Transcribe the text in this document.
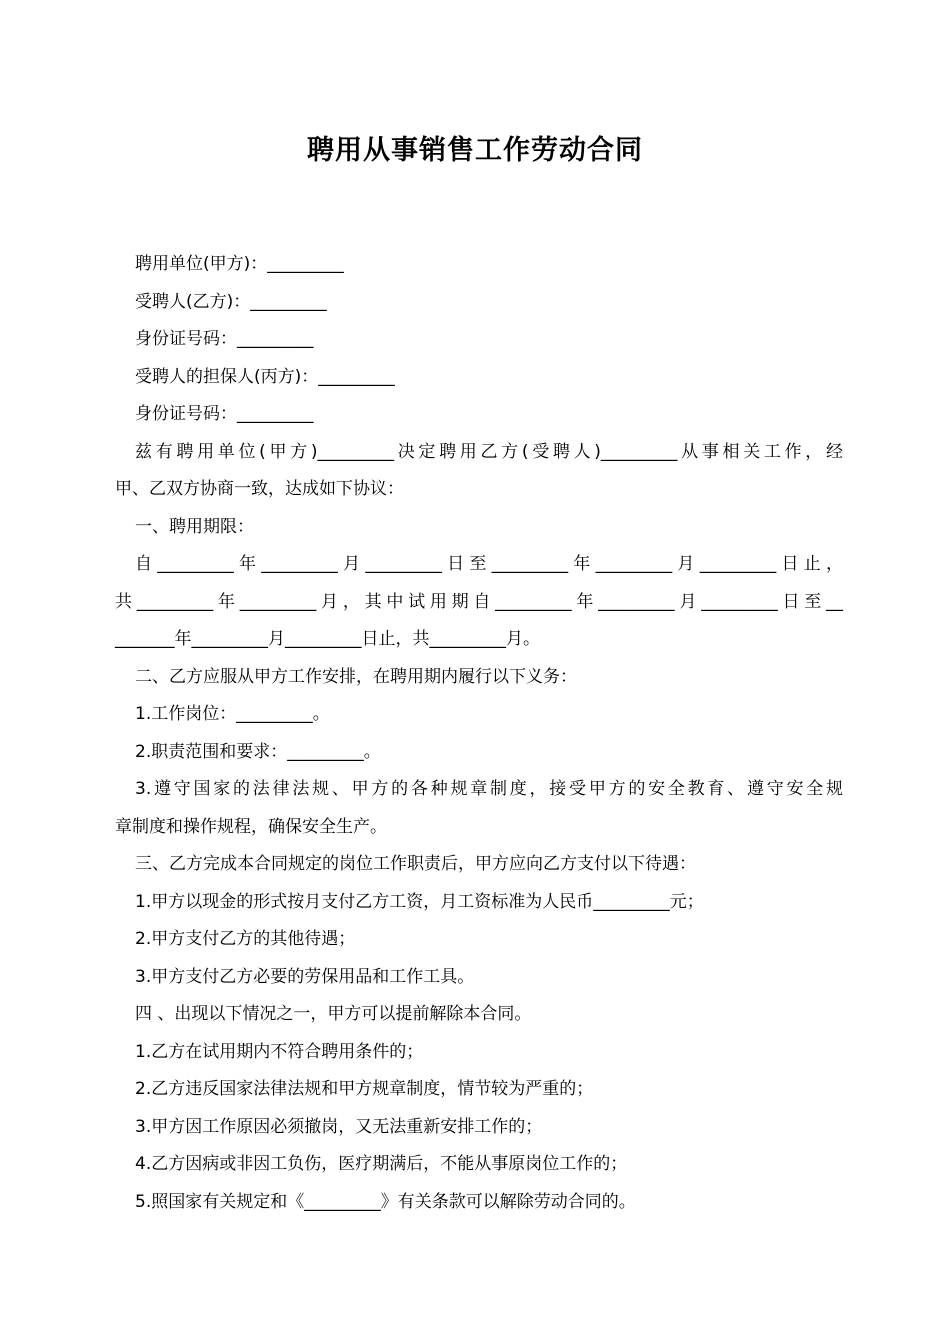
聘用从事销售工作劳动合同

聘用单位(甲方)：_________

受聘人(乙方)：_________

身份证号码：_________

受聘人的担保人(丙方)：_________

身份证号码：_________

兹有聘用单位(甲方)_________决定聘用乙方(受聘人)_________从事相关工作，经

甲、乙双方协商一致，达成如下协议：

一、聘用期限：

自_________年_________月_________日至_________年_________月_________日止，

共_________年_________月，其中试用期自_________年_________月_________日至__

_______年_________月_________日止，共_________月。

二、乙方应服从甲方工作安排，在聘用期内履行以下义务：

1.工作岗位：_________。

2.职责范围和要求：_________。

3.遵守国家的法律法规、甲方的各种规章制度，接受甲方的安全教育、遵守安全规

章制度和操作规程，确保安全生产。

三、乙方完成本合同规定的岗位工作职责后，甲方应向乙方支付以下待遇：

1.甲方以现金的形式按月支付乙方工资，月工资标准为人民币_________元；

2.甲方支付乙方的其他待遇；

3.甲方支付乙方必要的劳保用品和工作工具。

四 、出现以下情况之一，甲方可以提前解除本合同。

1.乙方在试用期内不符合聘用条件的；

2.乙方违反国家法律法规和甲方规章制度，情节较为严重的；

3.甲方因工作原因必须撤岗，又无法重新安排工作的；

4.乙方因病或非因工负伤，医疗期满后，不能从事原岗位工作的；

5.照国家有关规定和《_________》有关条款可以解除劳动合同的。
